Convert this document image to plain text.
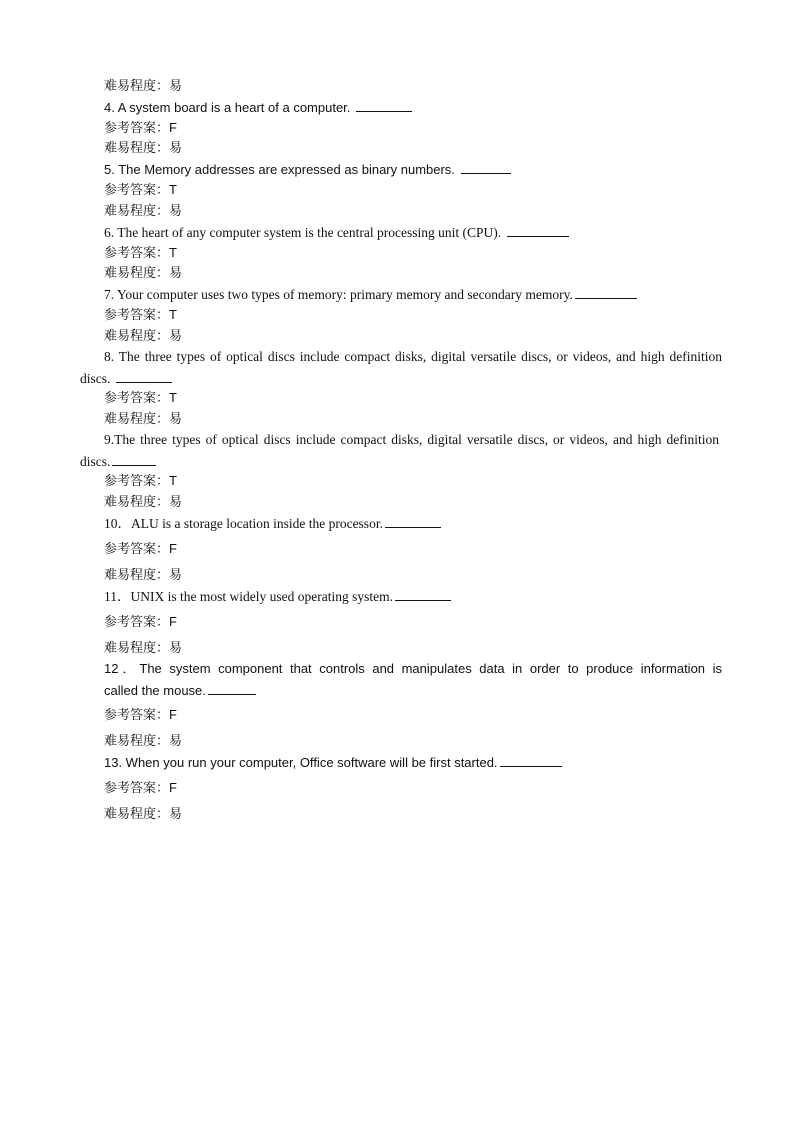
难易程度：易
4. A system board is a heart of a computer.
参考答案：F
难易程度：易
5. The Memory addresses are expressed as binary numbers.
参考答案：T
难易程度：易
6. The heart of any computer system is the central processing unit (CPU).
参考答案：T
难易程度：易
7. Your computer uses two types of memory: primary memory and secondary memory.
参考答案：T
难易程度：易
8. The three types of optical discs include compact disks, digital versatile discs, or videos, and high definition
discs.
参考答案：T
难易程度：易
9.The three types of optical discs include compact disks, digital versatile discs, or videos, and high definition
discs.
参考答案：T
难易程度：易
10．ALU is a storage location inside the processor.
参考答案：F
难易程度：易
11．UNIX is the most widely used operating system.
参考答案：F
难易程度：易
12．The system component that controls and manipulates data in order to produce information is
called the mouse.
参考答案：F
难易程度：易
13. When you run your computer, Office software will be first started.
参考答案：F
难易程度：易
